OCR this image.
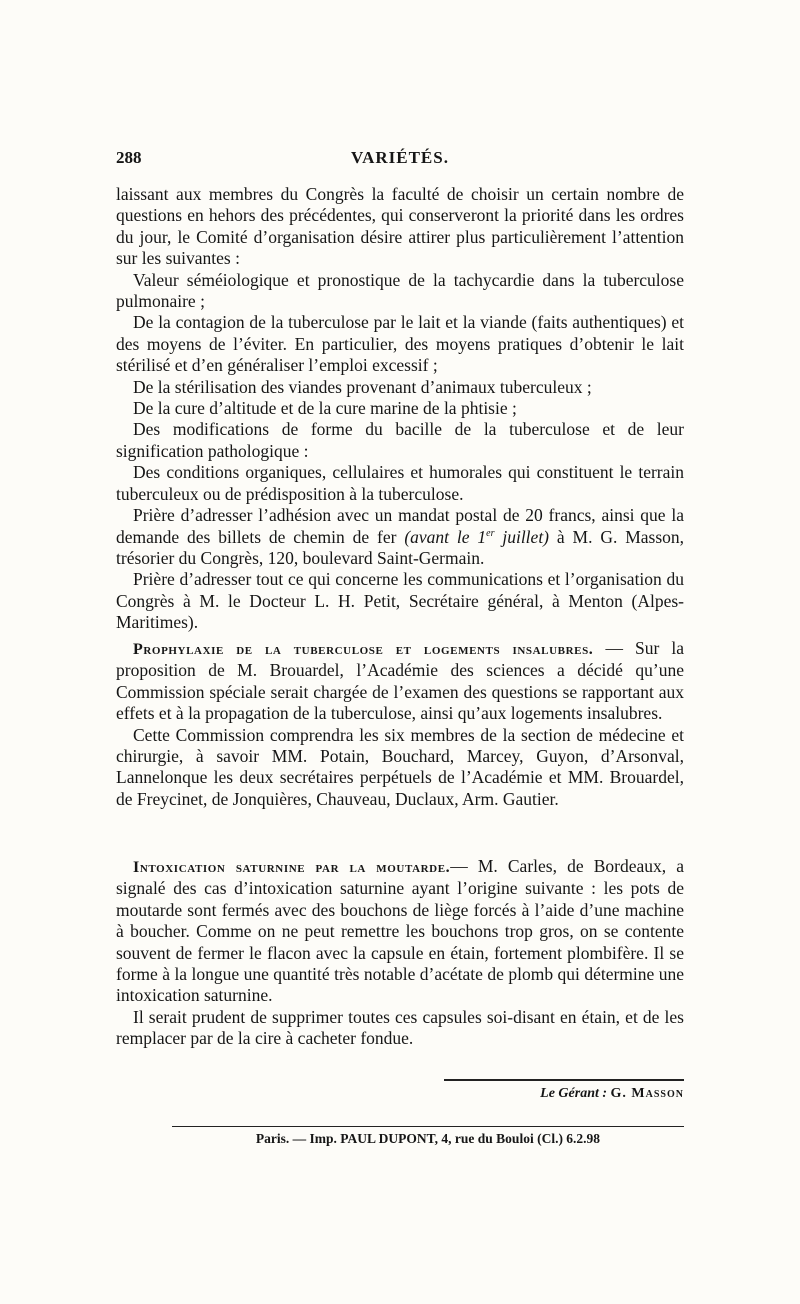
288	VARIÉTÉS.

laissant aux membres du Congrès la faculté de choisir un certain nombre de questions en hehors des précédentes, qui conserveront la priorité dans les ordres du jour, le Comité d’organisation désire attirer plus particulièrement l’attention sur les suivantes :

Valeur séméiologique et pronostique de la tachycardie dans la tuberculose pulmonaire ;

De la contagion de la tuberculose par le lait et la viande (faits authentiques) et des moyens de l’éviter. En particulier, des moyens pratiques d’obtenir le lait stérilisé et d’en généraliser l’emploi excessif ;

De la stérilisation des viandes provenant d’animaux tuberculeux ;

De la cure d’altitude et de la cure marine de la phtisie ;

Des modifications de forme du bacille de la tuberculose et de leur signification pathologique :

Des conditions organiques, cellulaires et humorales qui constituent le terrain tuberculeux ou de prédisposition à la tuberculose.

Prière d’adresser l’adhésion avec un mandat postal de 20 francs, ainsi que la demande des billets de chemin de fer (avant le 1er juillet) à M. G. Masson, trésorier du Congrès, 120, boulevard Saint-Germain.

Prière d’adresser tout ce qui concerne les communications et l’organisation du Congrès à M. le Docteur L. H. Petit, Secrétaire général, à Menton (Alpes-Maritimes).

Prophylaxie de la tuberculose et logements insalubres. — Sur la proposition de M. Brouardel, l’Académie des sciences a décidé qu’une Commission spéciale serait chargée de l’examen des questions se rapportant aux effets et à la propagation de la tuberculose, ainsi qu’aux logements insalubres.

Cette Commission comprendra les six membres de la section de médecine et chirurgie, à savoir MM. Potain, Bouchard, Marcey, Guyon, d’Arsonval, Lannelonque les deux secrétaires perpétuels de l’Académie et MM. Brouardel, de Freycinet, de Jonquières, Chauveau, Duclaux, Arm. Gautier.

Intoxication saturnine par la moutarde.— M. Carles, de Bordeaux, a signalé des cas d’intoxication saturnine ayant l’origine suivante : les pots de moutarde sont fermés avec des bouchons de liège forcés à l’aide d’une machine à boucher. Comme on ne peut remettre les bouchons trop gros, on se contente souvent de fermer le flacon avec la capsule en étain, fortement plombifère. Il se forme à la longue une quantité très notable d’acétate de plomb qui détermine une intoxication saturnine.

Il serait prudent de supprimer toutes ces capsules soi-disant en étain, et de les remplacer par de la cire à cacheter fondue.

Le Gérant : G. Masson
Paris. — Imp. PAUL DUPONT, 4, rue du Bouloi (Cl.) 6.2.98
